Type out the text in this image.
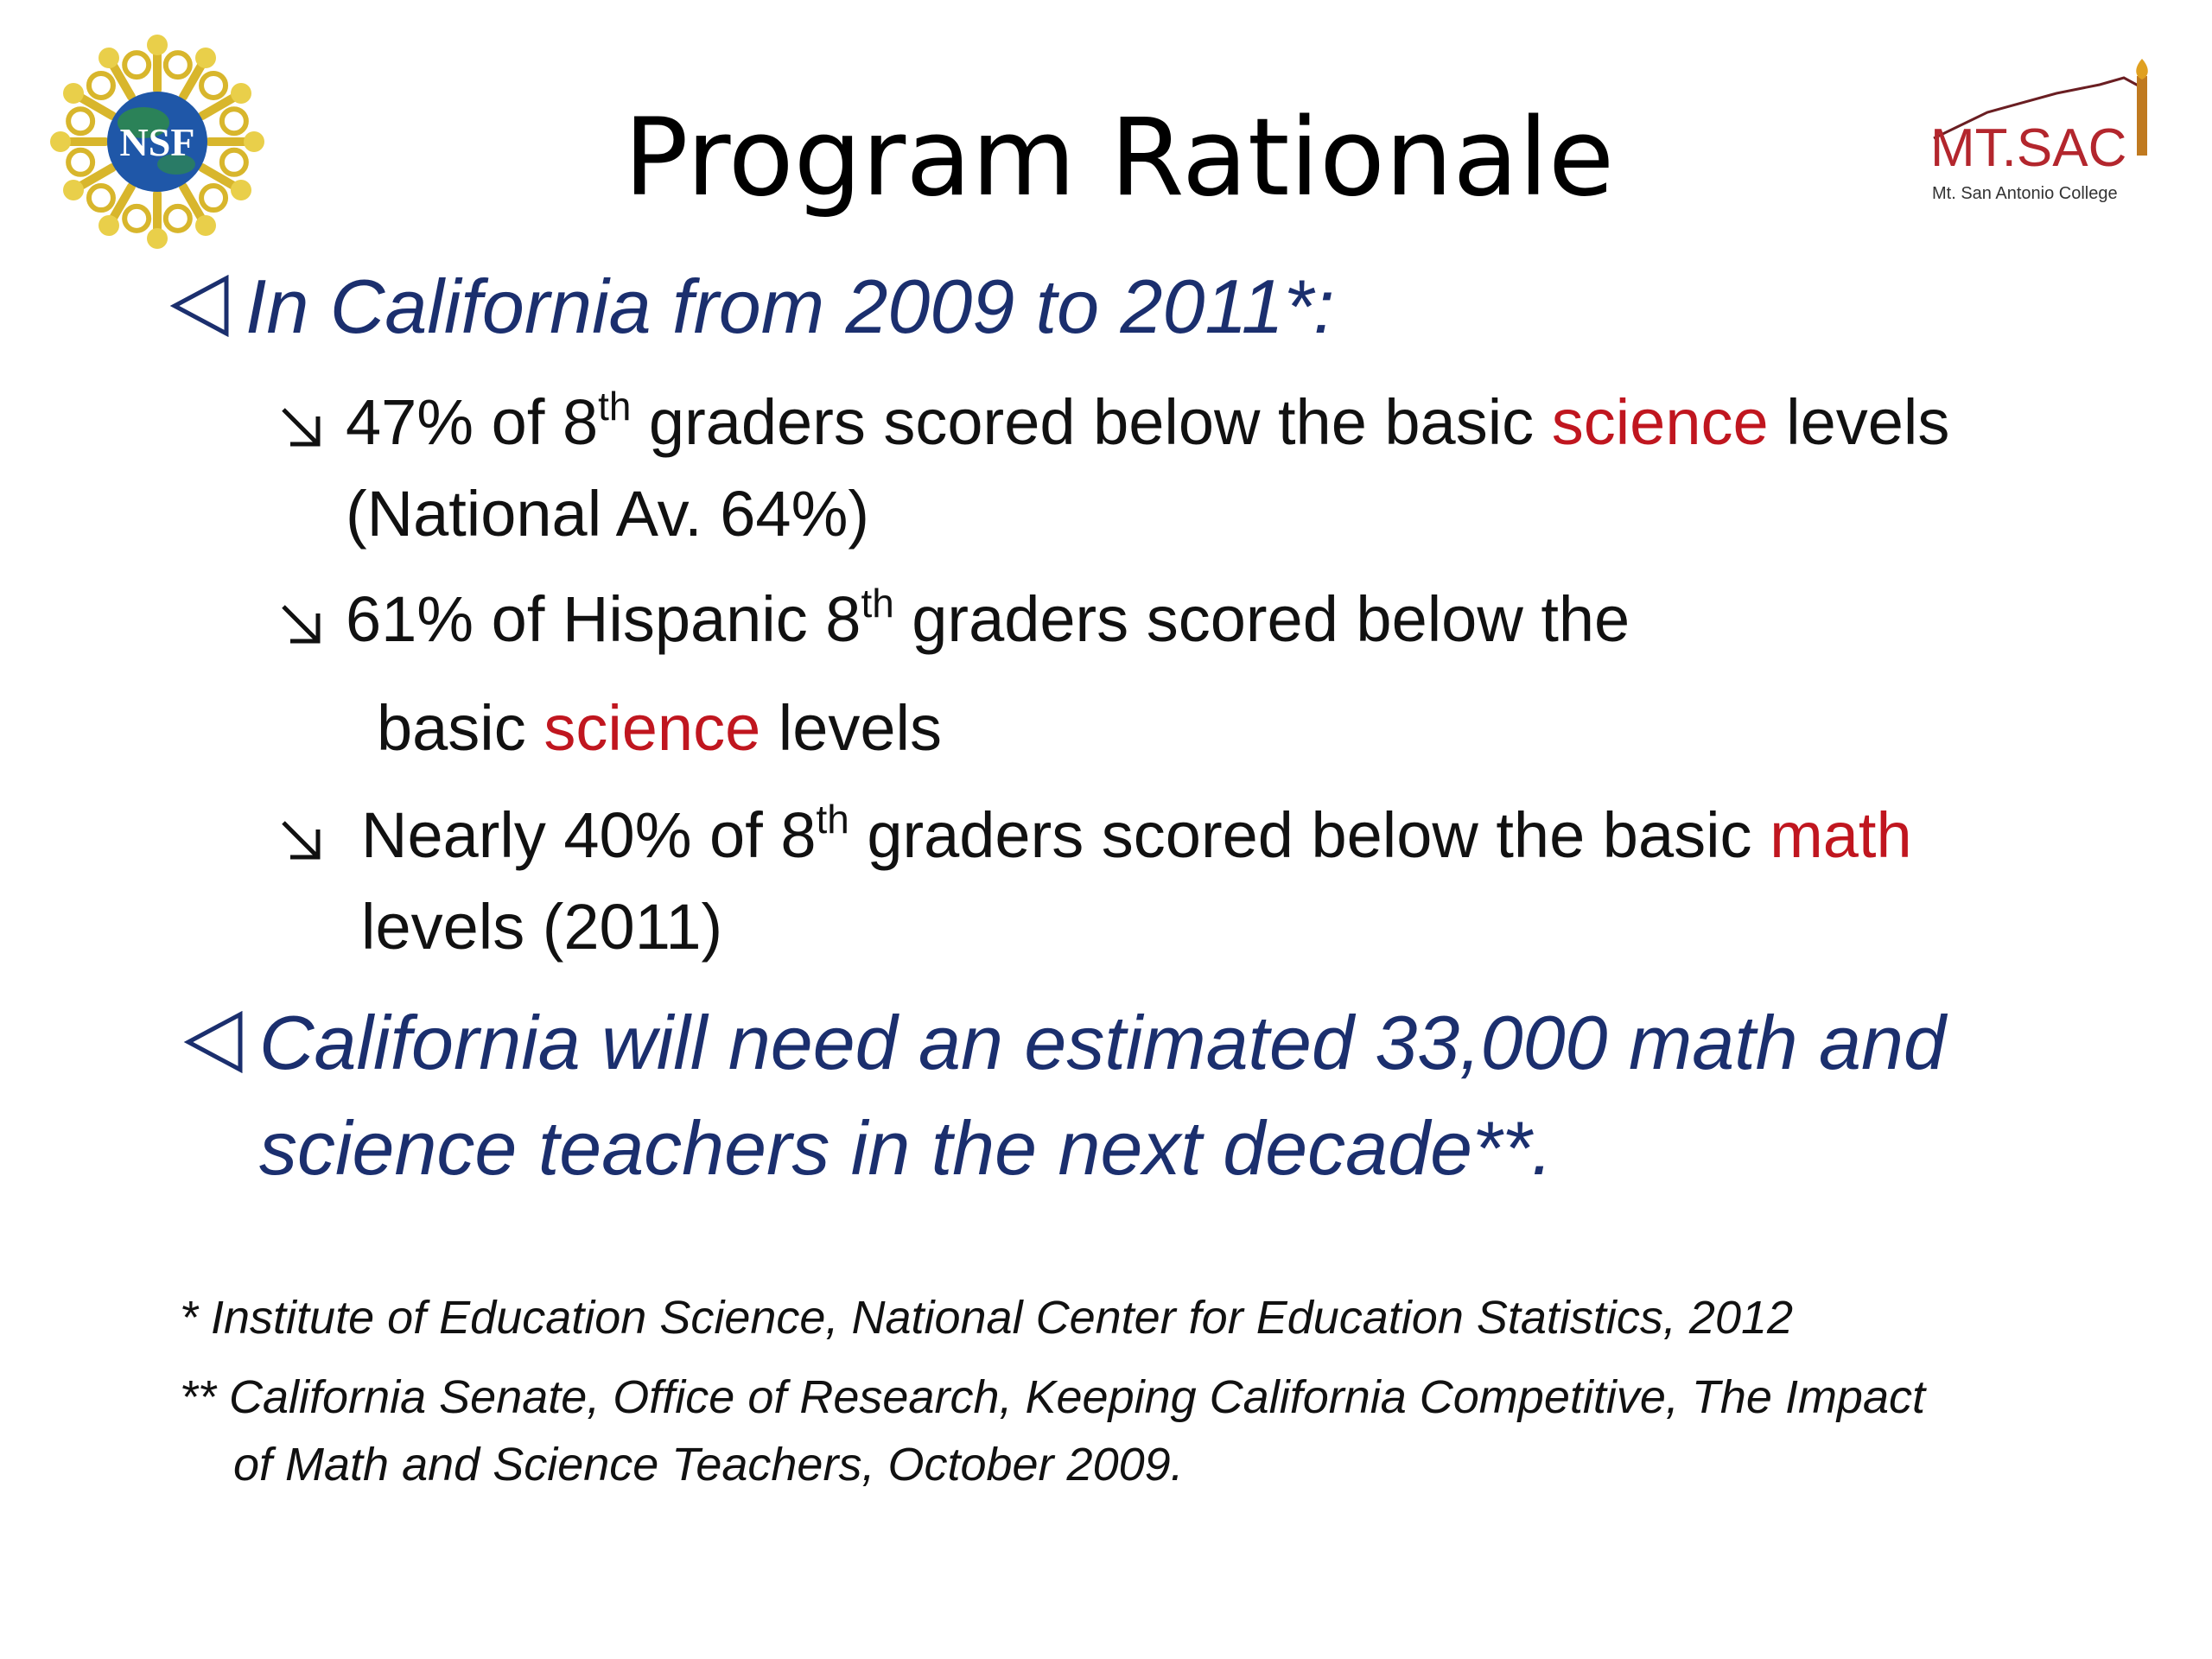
NSF	Program Rationale	MT.SAC
Mt. San Antonio College
In California from 2009 to 2011*:
47% of 8th graders scored below the basic science levels
(National Av. 64%)
61% of Hispanic 8th graders scored below the
basic science levels
Nearly 40% of 8th graders scored below the basic math
levels (2011)
California will need an estimated 33,000 math and
science teachers in the next decade**.
* Institute of Education Science, National Center for Education Statistics, 2012
** California Senate, Office of Research, Keeping California Competitive, The Impact
of Math and Science Teachers, October 2009.
